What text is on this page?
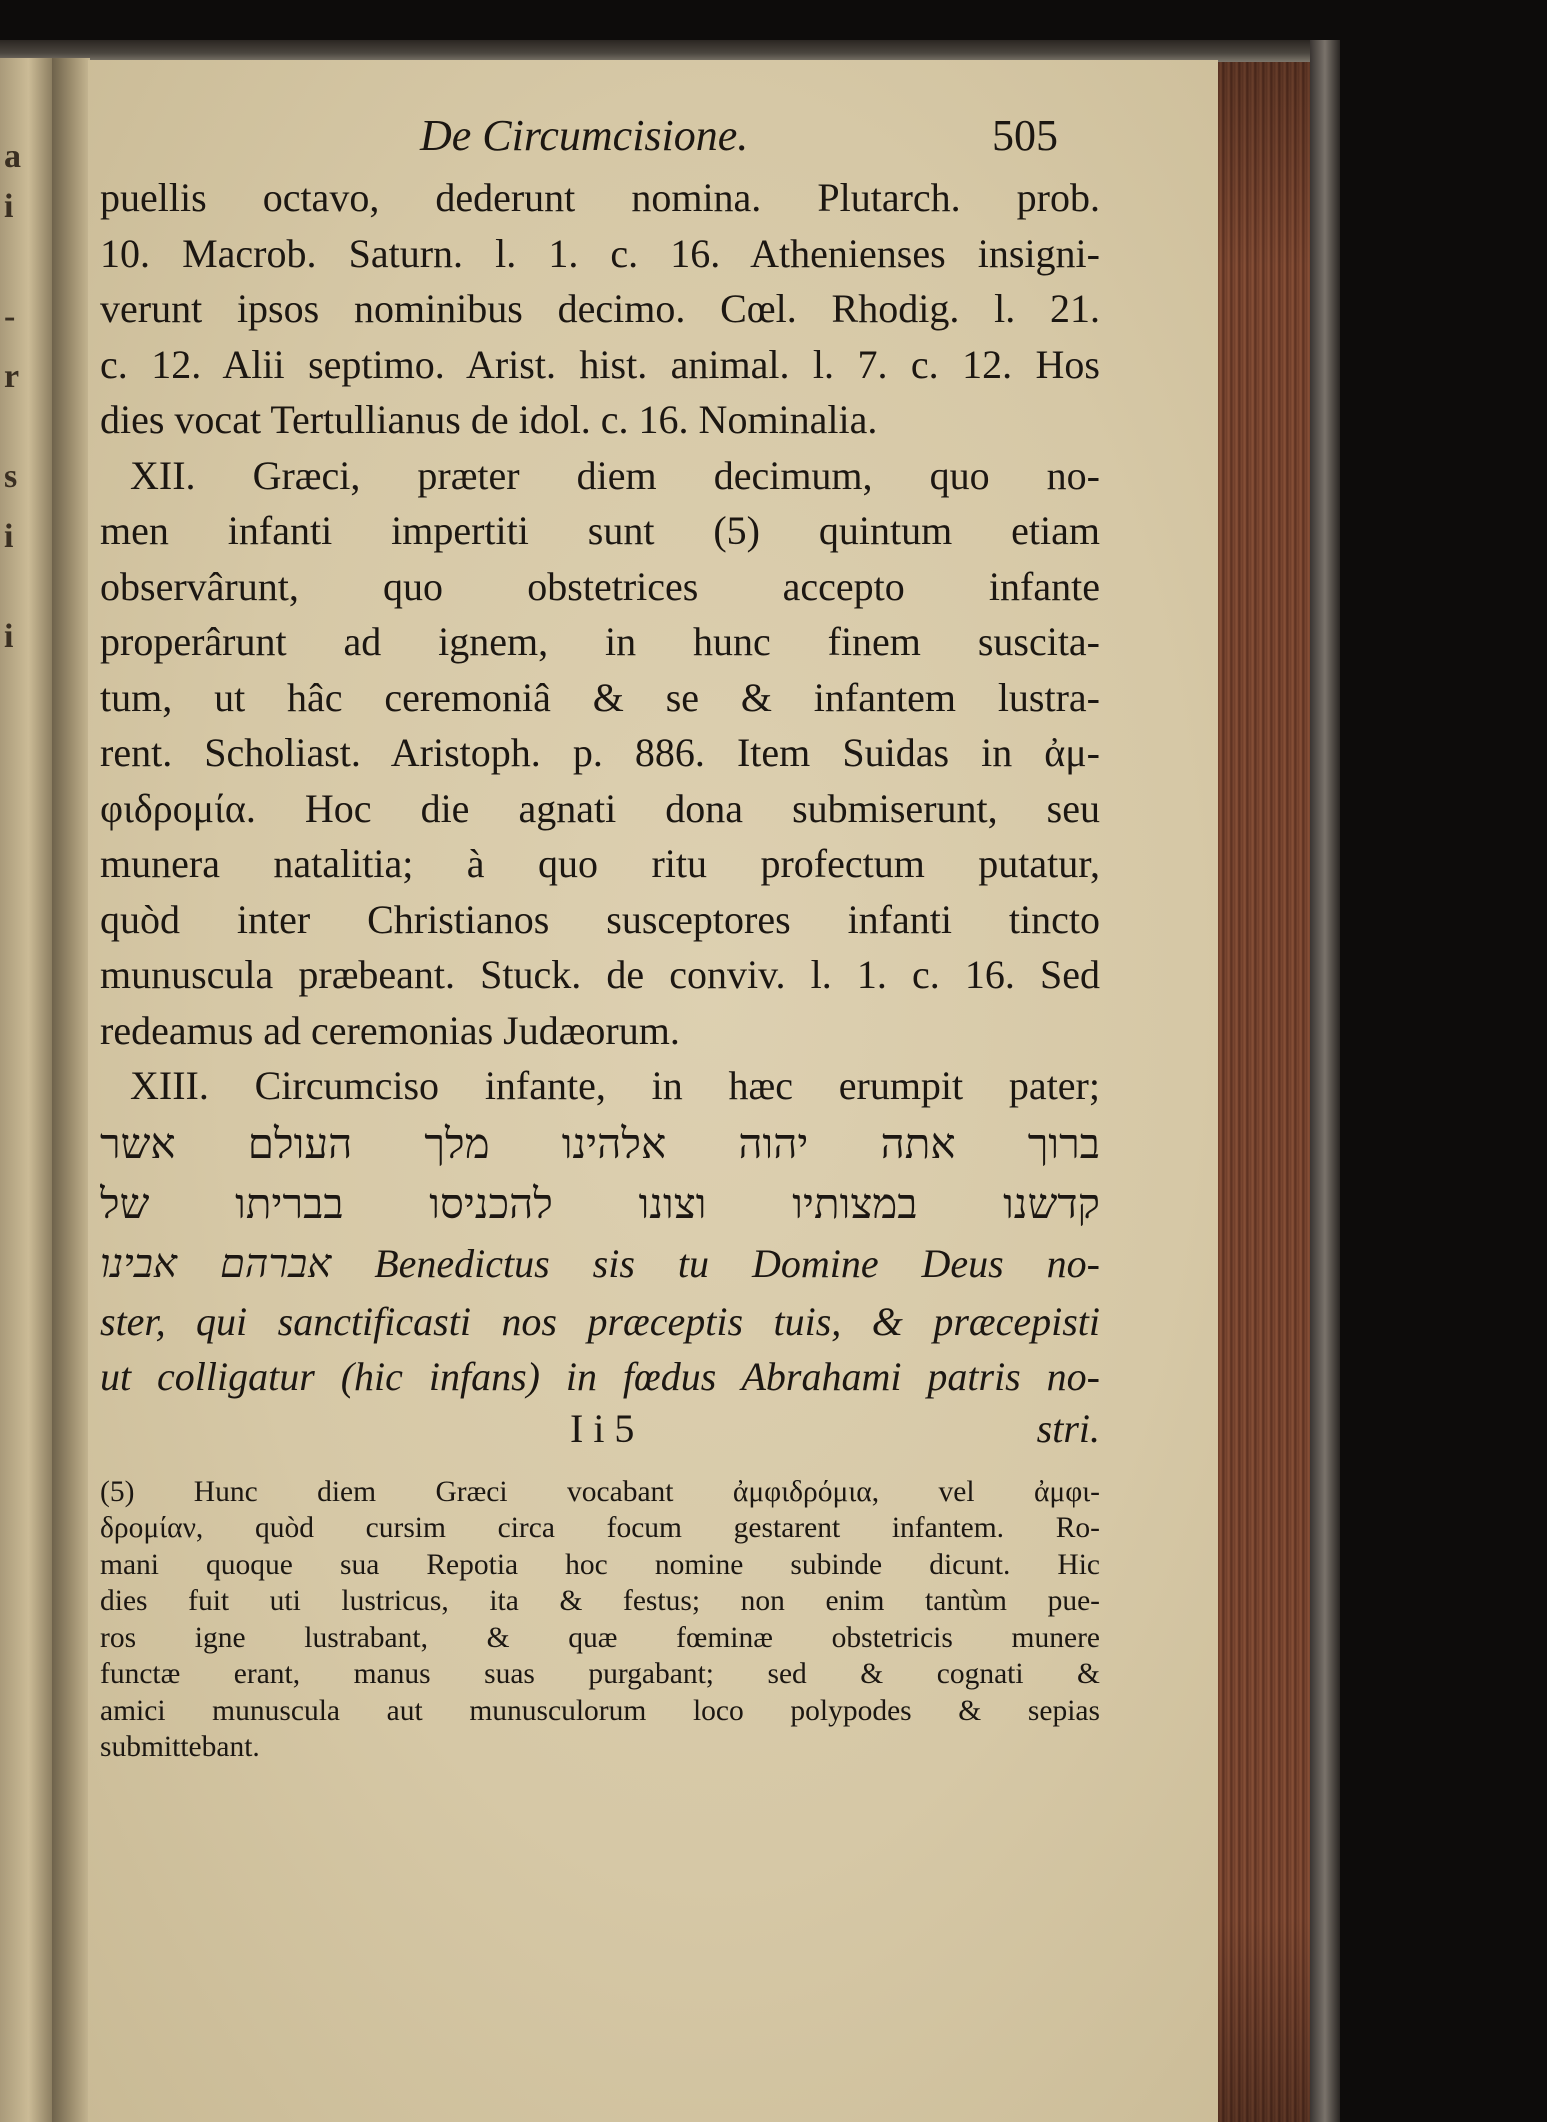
a
i
-
r
s
i
i
De Circumcisione.	505
puellis octavo, dederunt nomina. Plutarch. prob.
10. Macrob. Saturn. l. 1. c. 16. Athenienses insigni-
verunt ipsos nominibus decimo. Cœl. Rhodig. l. 21.
c. 12. Alii septimo. Arist. hist. animal. l. 7. c. 12. Hos
dies vocat Tertullianus de idol. c. 16. Nominalia.
XII. Græci, præter diem decimum, quo no-
men infanti impertiti sunt (5) quintum etiam
observârunt, quo obstetrices accepto infante
properârunt ad ignem, in hunc finem suscita-
tum, ut hâc ceremoniâ & se & infantem lustra-
rent. Scholiast. Aristoph. p. 886. Item Suidas in ἀμ-
φιδρομία. Hoc die agnati dona submiserunt, seu
munera natalitia; à quo ritu profectum putatur,
quòd inter Christianos susceptores infanti tincto
munuscula præbeant. Stuck. de conviv. l. 1. c. 16. Sed
redeamus ad ceremonias Judæorum.
XIII. Circumciso infante, in hæc erumpit pater;
ברוך אתה יהוה אלהינו מלך העולם אשר
קדשנו במצותיו וצונו להכניסו בבריתו של
אברהם אבינו Benedictus sis tu Domine Deus no-
ster, qui sanctificasti nos præceptis tuis, & præcepisti
ut colligatur (hic infans) in fœdus Abrahami patris no-
I i 5	stri.
(5) Hunc diem Græci vocabant ἀμφιδρόμια, vel ἀμφι-
δρομίαν, quòd cursim circa focum gestarent infantem. Ro-
mani quoque sua Repotia hoc nomine subinde dicunt. Hic
dies fuit uti lustricus, ita & festus; non enim tantùm pue-
ros igne lustrabant, & quæ fœminæ obstetricis munere
functæ erant, manus suas purgabant; sed & cognati &
amici munuscula aut munusculorum loco polypodes & sepias
submittebant.
